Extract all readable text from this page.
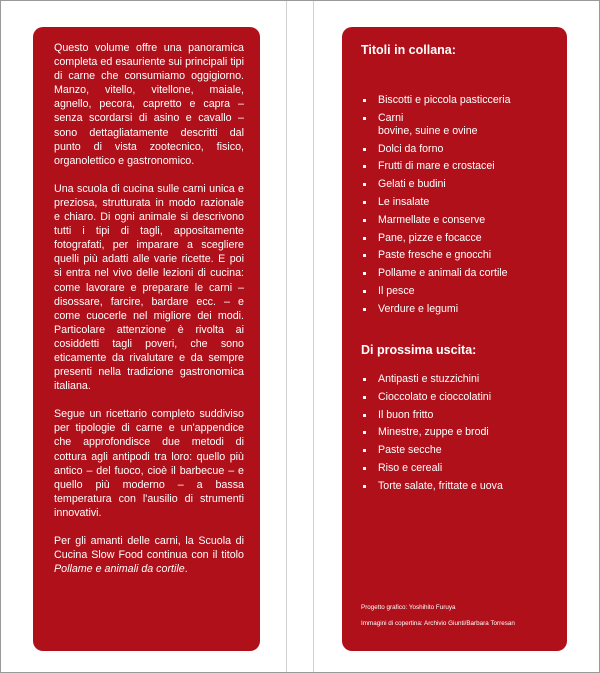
Questo volume offre una panoramica completa ed esauriente sui principali tipi di carne che consumiamo oggigiorno. Manzo, vitello, vitellone, maiale, agnello, pecora, capretto e capra – senza scordarsi di asino e cavallo – sono dettagliatamente descritti dal punto di vista zootecnico, fisico, organolettico e gastronomico.

Una scuola di cucina sulle carni unica e preziosa, strutturata in modo razionale e chiaro. Di ogni animale si descrivono tutti i tipi di tagli, appositamente fotografati, per imparare a scegliere quelli più adatti alle varie ricette. E poi si entra nel vivo delle lezioni di cucina: come lavorare e preparare le carni – disossare, farcire, bardare ecc. – e come cuocerle nel migliore dei modi. Particolare attenzione è rivolta ai cosiddetti tagli poveri, che sono eticamente da rivalutare e da sempre presenti nella tradizione gastronomica italiana.

Segue un ricettario completo suddiviso per tipologie di carne e un'appendice che approfondisce due metodi di cottura agli antipodi tra loro: quello più antico – del fuoco, cioè il barbecue – e quello più moderno – a bassa temperatura con l'ausilio di strumenti innovativi.

Per gli amanti delle carni, la Scuola di Cucina Slow Food continua con il titolo Pollame e animali da cortile.

Titoli in collana:
Biscotti e piccola pasticceria
Carni
bovine, suine e ovine
Dolci da forno
Frutti di mare e crostacei
Gelati e budini
Le insalate
Marmellate e conserve
Pane, pizze e focacce
Paste fresche e gnocchi
Pollame e animali da cortile
Il pesce
Verdure e legumi
Di prossima uscita:
Antipasti e stuzzichini
Cioccolato e cioccolatini
Il buon fritto
Minestre, zuppe e brodi
Paste secche
Riso e cereali
Torte salate, frittate e uova
Progetto grafico: Yoshihito Furuya
Immagini di copertina: Archivio Giunti/Barbara Torresan
